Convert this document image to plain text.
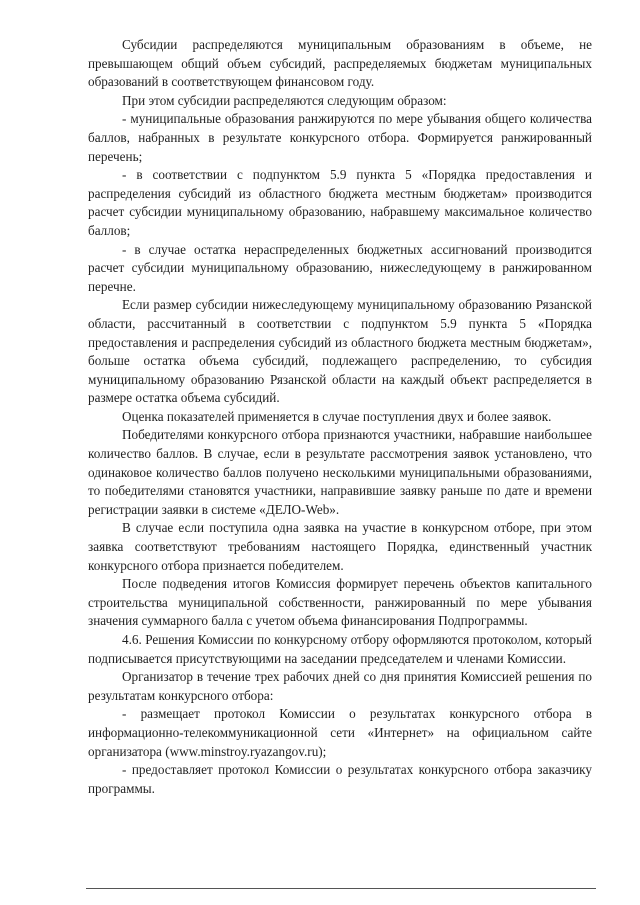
Субсидии распределяются муниципальным образованиям в объеме, не превышающем общий объем субсидий, распределяемых бюджетам муниципальных образований в соответствующем финансовом году.

При этом субсидии распределяются следующим образом:

- муниципальные образования ранжируются по мере убывания общего количества баллов, набранных в результате конкурсного отбора. Формируется ранжированный перечень;

- в соответствии с подпунктом 5.9 пункта 5 «Порядка предоставления и распределения субсидий из областного бюджета местным бюджетам» производится расчет субсидии муниципальному образованию, набравшему максимальное количество баллов;

- в случае остатка нераспределенных бюджетных ассигнований производится расчет субсидии муниципальному образованию, нижеследующему в ранжированном перечне.

Если размер субсидии нижеследующему муниципальному образованию Рязанской области, рассчитанный в соответствии с подпунктом 5.9 пункта 5 «Порядка предоставления и распределения субсидий из областного бюджета местным бюджетам», больше остатка объема субсидий, подлежащего распределению, то субсидия муниципальному образованию Рязанской области на каждый объект распределяется в размере остатка объема субсидий.

Оценка показателей применяется в случае поступления двух и более заявок.

Победителями конкурсного отбора признаются участники, набравшие наибольшее количество баллов. В случае, если в результате рассмотрения заявок установлено, что одинаковое количество баллов получено несколькими муниципальными образованиями, то победителями становятся участники, направившие заявку раньше по дате и времени регистрации заявки в системе «ДЕЛО-Web».

В случае если поступила одна заявка на участие в конкурсном отборе, при этом заявка соответствуют требованиям настоящего Порядка, единственный участник конкурсного отбора признается победителем.

После подведения итогов Комиссия формирует перечень объектов капитального строительства муниципальной собственности, ранжированный по мере убывания значения суммарного балла с учетом объема финансирования Подпрограммы.

4.6. Решения Комиссии по конкурсному отбору оформляются протоколом, который подписывается присутствующими на заседании председателем и членами Комиссии.

Организатор в течение трех рабочих дней со дня принятия Комиссией решения по результатам конкурсного отбора:

- размещает протокол Комиссии о результатах конкурсного отбора в информационно-телекоммуникационной сети «Интернет» на официальном сайте организатора (www.minstroy.ryazangov.ru);

- предоставляет протокол Комиссии о результатах конкурсного отбора заказчику программы.
